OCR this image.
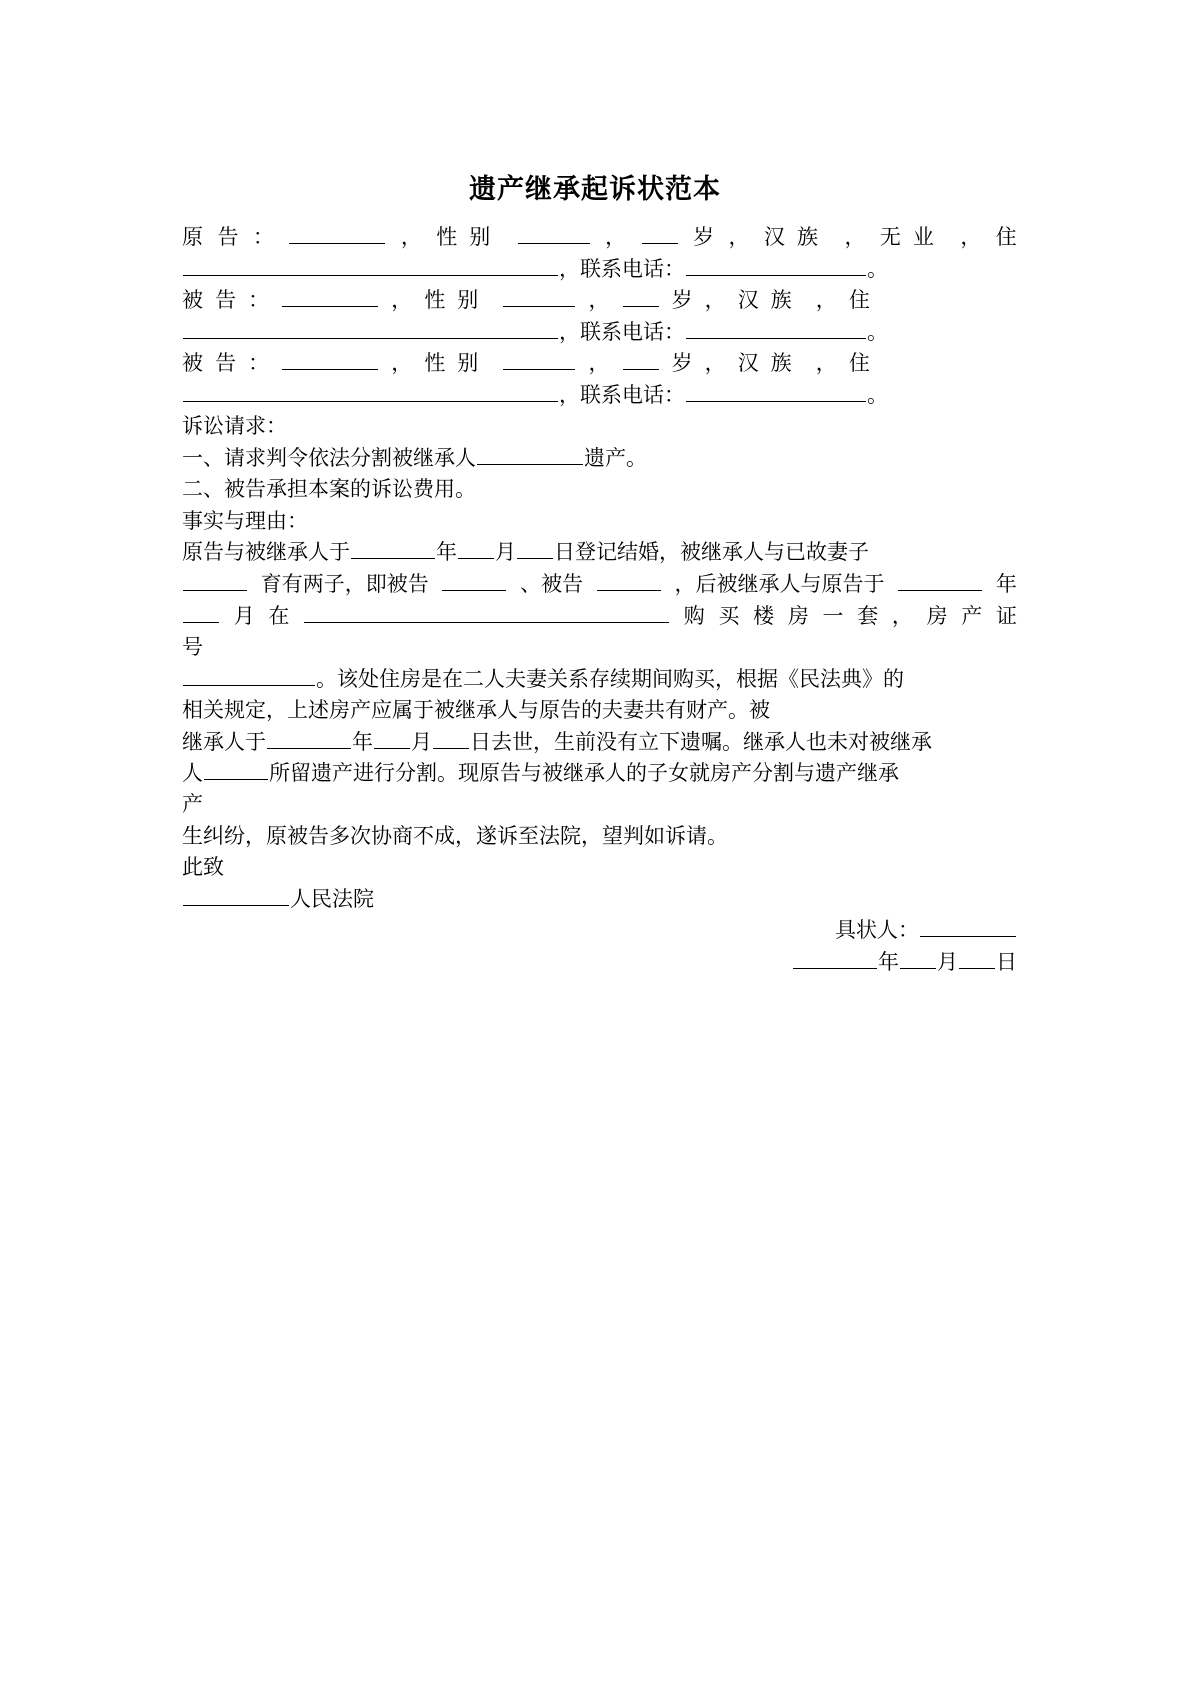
遗产继承起诉状范本
原 告 ：	， 性别	，	岁 ， 汉族 ， 无业 ， 住
，联系电话：	。
被 告 ：	， 性别	，	岁 ， 汉族 ， 住
，联系电话：	。
被 告 ：	， 性别	，	岁 ， 汉族 ， 住
，联系电话：	。
诉讼请求：
一、请求判令依法分割被继承人	遗产。
二、被告承担本案的诉讼费用。
事实与理由：
原告与被继承人于	年 月 日登记结婚，被继承人与已故妻子
育有两子，即被告	、被告	，后被继承人与原告于	年
月 在	购 买 楼 房 一 套 ， 房 产 证
号
。该处住房是在二人夫妻关系存续期间购买，根据《民法典》的
相关规定，上述房产应属于被继承人与原告的夫妻共有财产。被
继承人于	年 月 日去世，生前没有立下遗嘱。继承人也未对被继承
人	所留遗产进行分割。现原告与被继承人的子女就房产分割与遗产继承
产
生纠纷，原被告多次协商不成，遂诉至法院，望判如诉请。
此致
人民法院
具状人：
年 月 日
